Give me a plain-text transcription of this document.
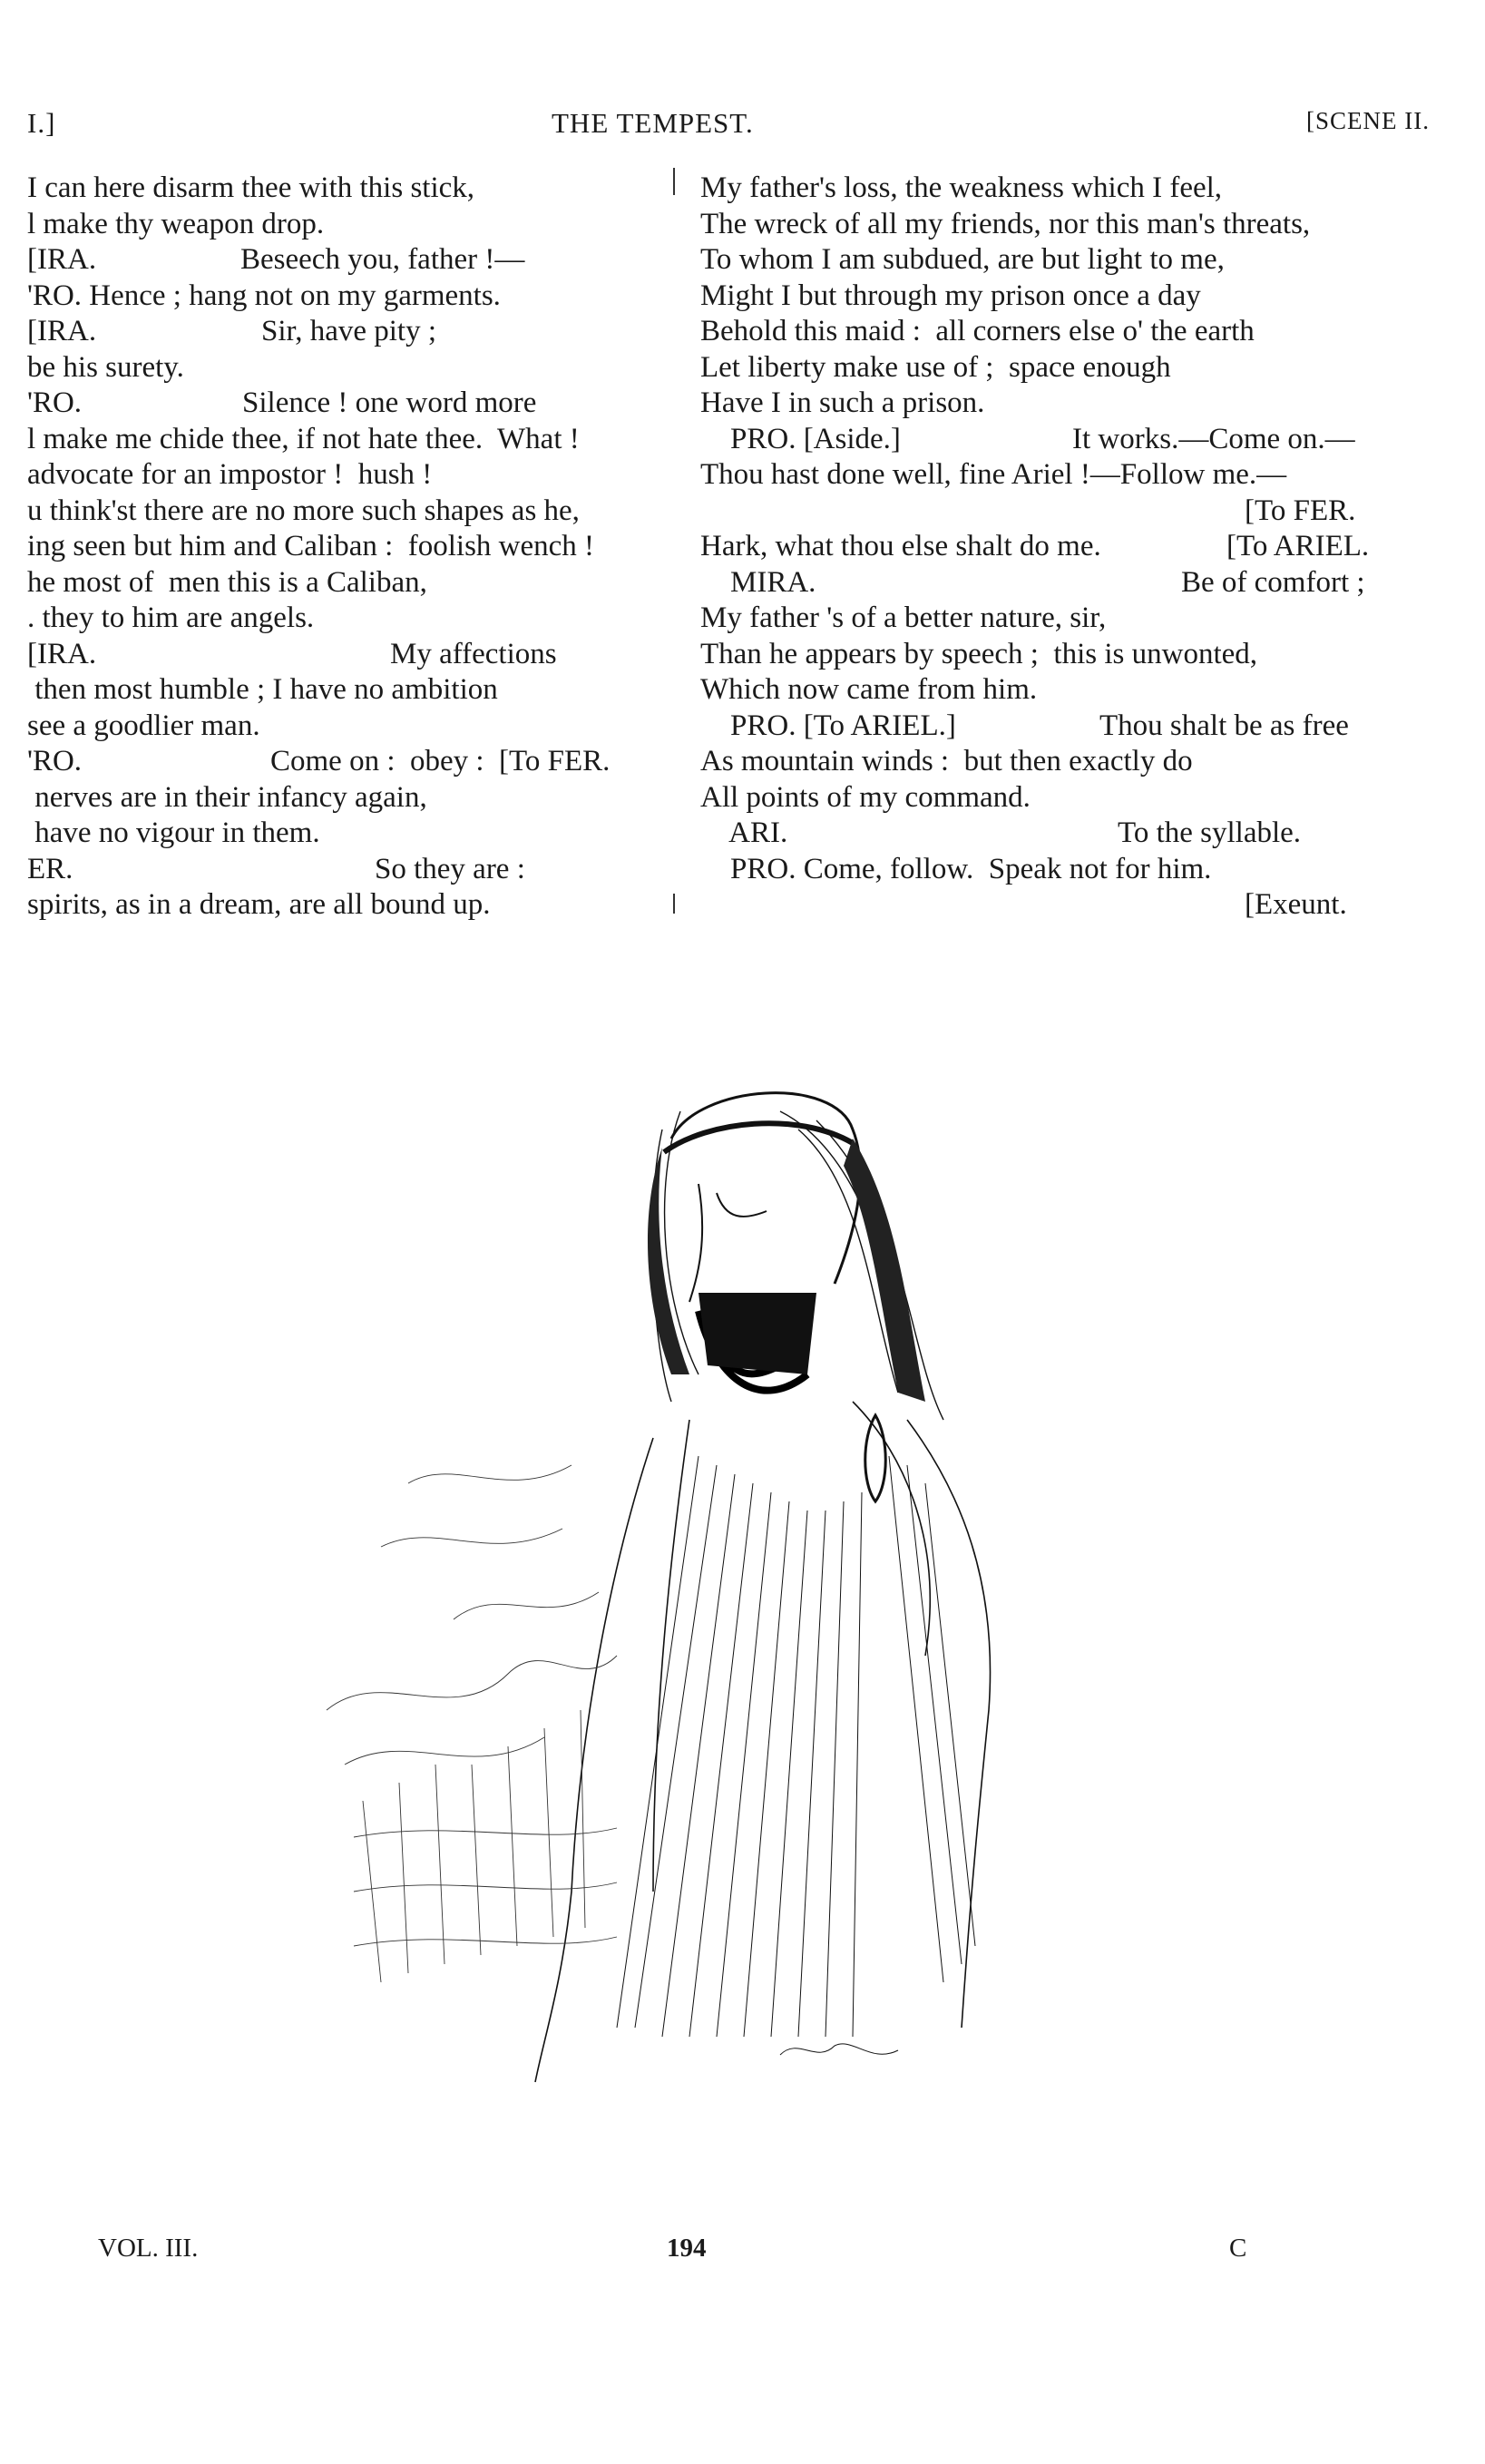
I.]	THE TEMPEST.	[SCENE II.
I can here disarm thee with this stick,
l make thy weapon drop.
[IRA.	Beseech you, father !—
'RO. Hence ; hang not on my garments.
[IRA.	Sir, have pity ;
be his surety.
'RO.	Silence ! one word more
l make me chide thee, if not hate thee.  What !
advocate for an impostor !  hush !
u think'st there are no more such shapes as he,
ing seen but him and Caliban :  foolish wench !
he most of  men this is a Caliban,
. they to him are angels.
[IRA.	My affections
then most humble ; I have no ambition
see a goodlier man.
'RO.	Come on :  obey :  [To FER.
nerves are in their infancy again,
have no vigour in them.
ER.	So they are :
spirits, as in a dream, are all bound up.
My father's loss, the weakness which I feel,
The wreck of all my friends, nor this man's threats,
To whom I am subdued, are but light to me,
Might I but through my prison once a day
Behold this maid :  all corners else o' the earth
Let liberty make use of ;  space enough
Have I in such a prison.
PRO. [Aside.]	It works.—Come on.—
Thou hast done well, fine Ariel !—Follow me.—
[To FER.
Hark, what thou else shalt do me.	[To ARIEL.
MIRA.	Be of comfort ;
My father 's of a better nature, sir,
Than he appears by speech ;  this is unwonted,
Which now came from him.
PRO. [To ARIEL.]	Thou shalt be as free
As mountain winds :  but then exactly do
All points of my command.
ARI.	To the syllable.
PRO. Come, follow.  Speak not for him.
[Exeunt.
VOL. III.	194	C
